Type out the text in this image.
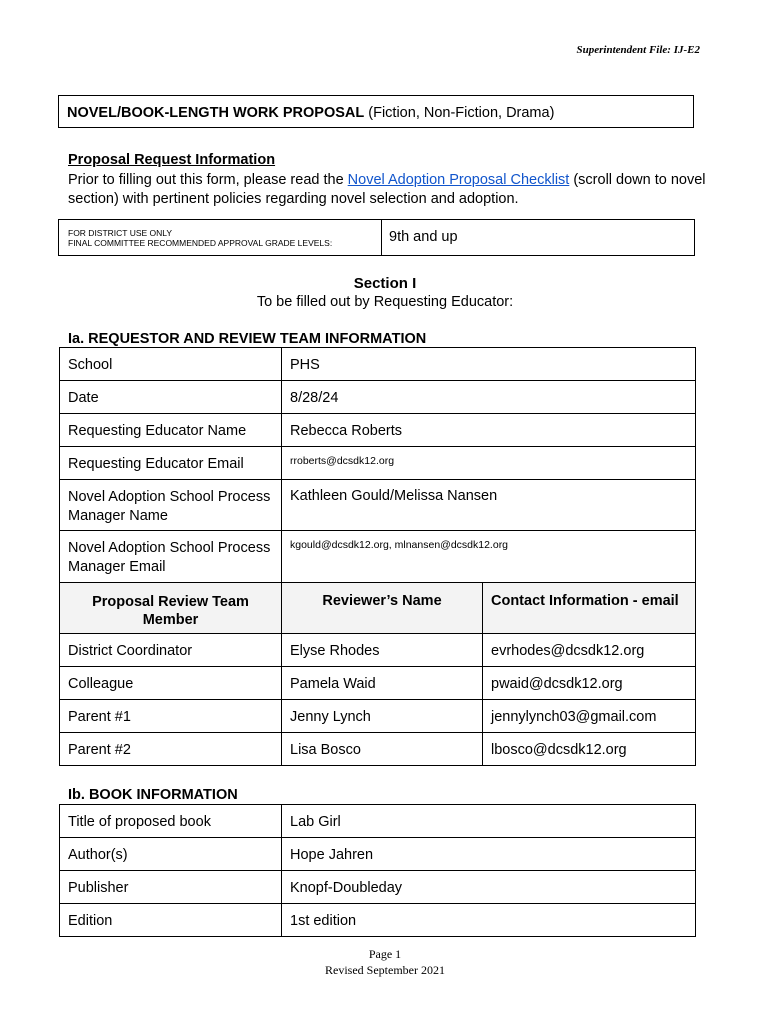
Superintendent File: IJ-E2
NOVEL/BOOK-LENGTH WORK PROPOSAL (Fiction, Non-Fiction, Drama)
Proposal Request Information
Prior to filling out this form, please read the Novel Adoption Proposal Checklist (scroll down to novel section) with pertinent policies regarding novel selection and adoption.
FOR DISTRICT USE ONLY
FINAL COMMITTEE RECOMMENDED APPROVAL GRADE LEVELS:	9th and up
Section I
To be filled out by Requesting Educator:
Ia. REQUESTOR AND REVIEW TEAM INFORMATION
School	PHS	
Date	8/28/24	
Requesting Educator Name	Rebecca Roberts	
Requesting Educator Email	rroberts@dcsdk12.org	
Novel Adoption School Process Manager Name	Kathleen Gould/Melissa Nansen	
Novel Adoption School Process Manager Email	kgould@dcsdk12.org, mlnansen@dcsdk12.org	
Proposal Review Team Member	Reviewer’s Name	Contact Information - email
District Coordinator	Elyse Rhodes	evrhodes@dcsdk12.org
Colleague	Pamela Waid	pwaid@dcsdk12.org
Parent #1	Jenny Lynch	jennylynch03@gmail.com
Parent #2	Lisa Bosco	lbosco@dcsdk12.org
Ib. BOOK INFORMATION
Title of proposed book	Lab Girl
Author(s)	Hope Jahren
Publisher	Knopf-Doubleday
Edition	1st edition
Page 1
Revised September 2021
